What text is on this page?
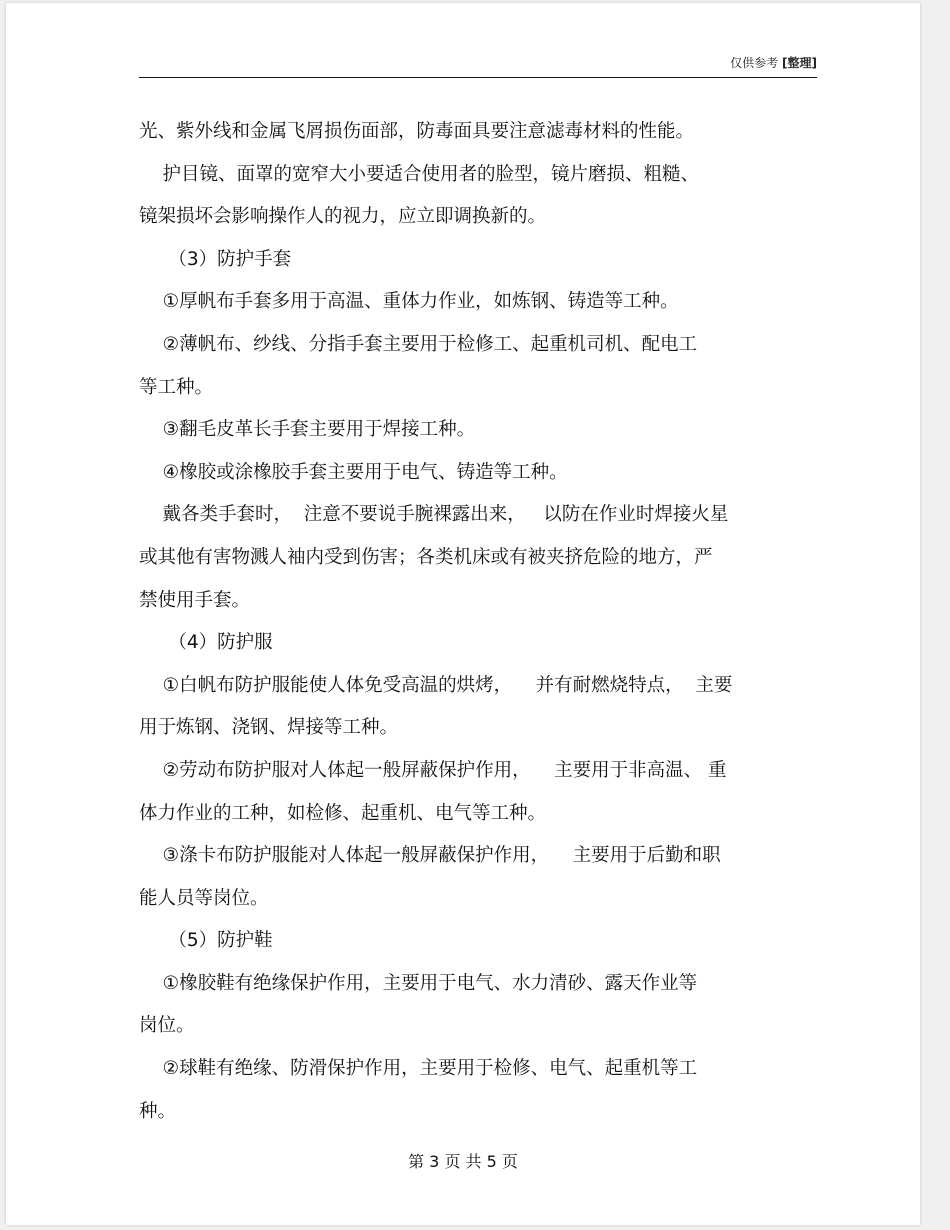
仅供参考 [整理]
光、紫外线和金属飞屑损伤面部，防毒面具要注意滤毒材料的性能。
护目镜、面罩的宽窄大小要适合使用者的脸型，镜片磨损、粗糙、
镜架损坏会影响操作人的视力，应立即调换新的。
（3）防护手套
①厚帆布手套多用于高温、重体力作业，如炼钢、铸造等工种。
②薄帆布、纱线、分指手套主要用于检修工、起重机司机、配电工
等工种。
③翻毛皮革长手套主要用于焊接工种。
④橡胶或涂橡胶手套主要用于电气、铸造等工种。
戴各类手套时，  注意不要说手腕裸露出来，   以防在作业时焊接火星
或其他有害物溅人袖内受到伤害；各类机床或有被夹挤危险的地方，严
禁使用手套。
（4）防护服
①白帆布防护服能使人体免受高温的烘烤，    并有耐燃烧特点，  主要
用于炼钢、浇钢、焊接等工种。
②劳动布防护服对人体起一般屏蔽保护作用，    主要用于非高温、 重
体力作业的工种，如检修、起重机、电气等工种。
③涤卡布防护服能对人体起一般屏蔽保护作用，    主要用于后勤和职
能人员等岗位。
（5）防护鞋
①橡胶鞋有绝缘保护作用，主要用于电气、水力清砂、露天作业等
岗位。
②球鞋有绝缘、防滑保护作用，主要用于检修、电气、起重机等工
种。
第 3 页 共 5 页
